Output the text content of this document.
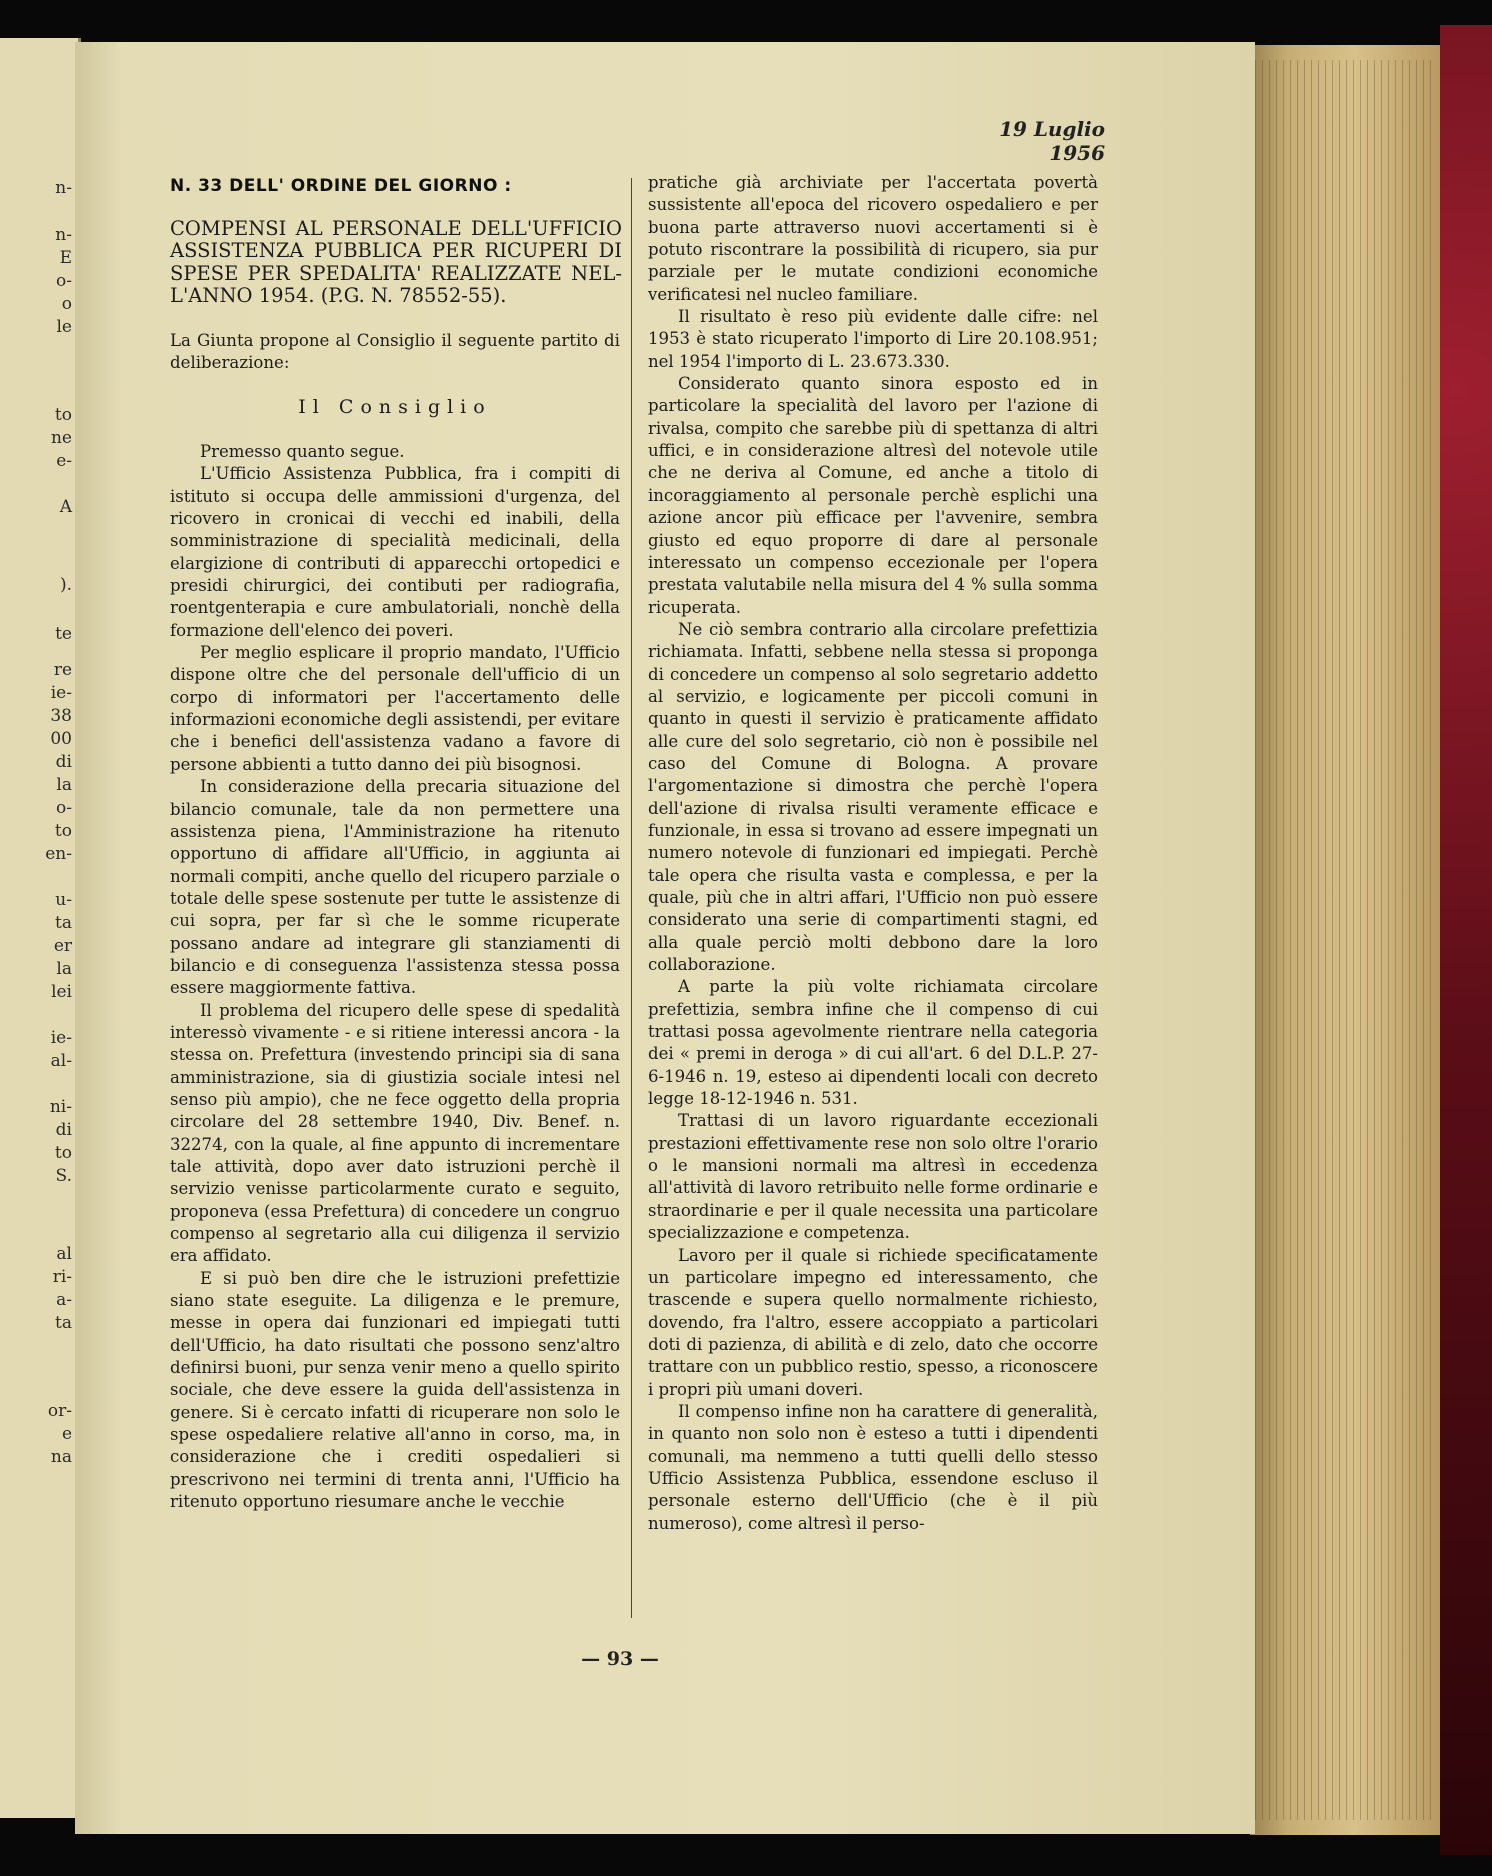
n-
n-
E
o-
o
le
to
ne
e-
A
).
te
re
ie-
38
00
di
la
o-
to
en-
u-
ta
er
la
lei
ie-
al-
ni-
di
to
S.
al
ri-
a-
ta
or-
e
na
19 Luglio 1956
N. 33 DELL' ORDINE DEL GIORNO :
COMPENSI AL PERSONALE DELL'UFFICIO ASSISTENZA PUBBLICA PER RICUPERI DI SPESE PER SPEDALITA' REALIZZATE NEL-L'ANNO 1954. (P.G. N. 78552-55).
La Giunta propone al Consiglio il seguente partito di deliberazione:
Il Consiglio

Premesso quanto segue.

L'Ufficio Assistenza Pubblica, fra i compiti di istituto si occupa delle ammissioni d'urgenza, del ricovero in cronicai di vecchi ed inabili, della somministrazione di specialità medicinali, della elargizione di contributi di apparecchi ortopedici e presidi chirurgici, dei contibuti per radiografia, roentgenterapia e cure ambulatoriali, nonchè della formazione dell'elenco dei poveri.

Per meglio esplicare il proprio mandato, l'Ufficio dispone oltre che del personale dell'ufficio di un corpo di informatori per l'accertamento delle informazioni economiche degli assistendi, per evitare che i benefici dell'assistenza vadano a favore di persone abbienti a tutto danno dei più bisognosi.

In considerazione della precaria situazione del bilancio comunale, tale da non permettere una assistenza piena, l'Amministrazione ha ritenuto opportuno di affidare all'Ufficio, in aggiunta ai normali compiti, anche quello del ricupero parziale o totale delle spese sostenute per tutte le assistenze di cui sopra, per far sì che le somme ricuperate possano andare ad integrare gli stanziamenti di bilancio e di conseguenza l'assistenza stessa possa essere maggiormente fattiva.

Il problema del ricupero delle spese di spedalità interessò vivamente - e si ritiene interessi ancora - la stessa on. Prefettura (investendo principi sia di sana amministrazione, sia di giustizia sociale intesi nel senso più ampio), che ne fece oggetto della propria circolare del 28 settembre 1940, Div. Benef. n. 32274, con la quale, al fine appunto di incrementare tale attività, dopo aver dato istruzioni perchè il servizio venisse particolarmente curato e seguito, proponeva (essa Prefettura) di concedere un congruo compenso al segretario alla cui diligenza il servizio era affidato.

E si può ben dire che le istruzioni prefettizie siano state eseguite. La diligenza e le premure, messe in opera dai funzionari ed impiegati tutti dell'Ufficio, ha dato risultati che possono senz'altro definirsi buoni, pur senza venir meno a quello spirito sociale, che deve essere la guida dell'assistenza in genere. Si è cercato infatti di ricuperare non solo le spese ospedaliere relative all'anno in corso, ma, in considerazione che i crediti ospedalieri si prescrivono nei termini di trenta anni, l'Ufficio ha ritenuto opportuno riesumare anche le vecchie

pratiche già archiviate per l'accertata povertà sussistente all'epoca del ricovero ospedaliero e per buona parte attraverso nuovi accertamenti si è potuto riscontrare la possibilità di ricupero, sia pur parziale per le mutate condizioni economiche verificatesi nel nucleo familiare.

Il risultato è reso più evidente dalle cifre: nel 1953 è stato ricuperato l'importo di Lire 20.108.951; nel 1954 l'importo di L. 23.673.330.

Considerato quanto sinora esposto ed in particolare la specialità del lavoro per l'azione di rivalsa, compito che sarebbe più di spettanza di altri uffici, e in considerazione altresì del notevole utile che ne deriva al Comune, ed anche a titolo di incoraggiamento al personale perchè esplichi una azione ancor più efficace per l'avvenire, sembra giusto ed equo proporre di dare al personale interessato un compenso eccezionale per l'opera prestata valutabile nella misura del 4 % sulla somma ricuperata.

Ne ciò sembra contrario alla circolare prefettizia richiamata. Infatti, sebbene nella stessa si proponga di concedere un compenso al solo segretario addetto al servizio, e logicamente per piccoli comuni in quanto in questi il servizio è praticamente affidato alle cure del solo segretario, ciò non è possibile nel caso del Comune di Bologna. A provare l'argomentazione si dimostra che perchè l'opera dell'azione di rivalsa risulti veramente efficace e funzionale, in essa si trovano ad essere impegnati un numero notevole di funzionari ed impiegati. Perchè tale opera che risulta vasta e complessa, e per la quale, più che in altri affari, l'Ufficio non può essere considerato una serie di compartimenti stagni, ed alla quale perciò molti debbono dare la loro collaborazione.

A parte la più volte richiamata circolare prefettizia, sembra infine che il compenso di cui trattasi possa agevolmente rientrare nella categoria dei « premi in deroga » di cui all'art. 6 del D.L.P. 27-6-1946 n. 19, esteso ai dipendenti locali con decreto legge 18-12-1946 n. 531.

Trattasi di un lavoro riguardante eccezionali prestazioni effettivamente rese non solo oltre l'orario o le mansioni normali ma altresì in eccedenza all'attività di lavoro retribuito nelle forme ordinarie e straordinarie e per il quale necessita una particolare specializzazione e competenza.

Lavoro per il quale si richiede specificatamente un particolare impegno ed interessamento, che trascende e supera quello normalmente richiesto, dovendo, fra l'altro, essere accoppiato a particolari doti di pazienza, di abilità e di zelo, dato che occorre trattare con un pubblico restio, spesso, a riconoscere i propri più umani doveri.

Il compenso infine non ha carattere di generalità, in quanto non solo non è esteso a tutti i dipendenti comunali, ma nemmeno a tutti quelli dello stesso Ufficio Assistenza Pubblica, essendone escluso il personale esterno dell'Ufficio (che è il più numeroso), come altresì il perso-

— 93 —
